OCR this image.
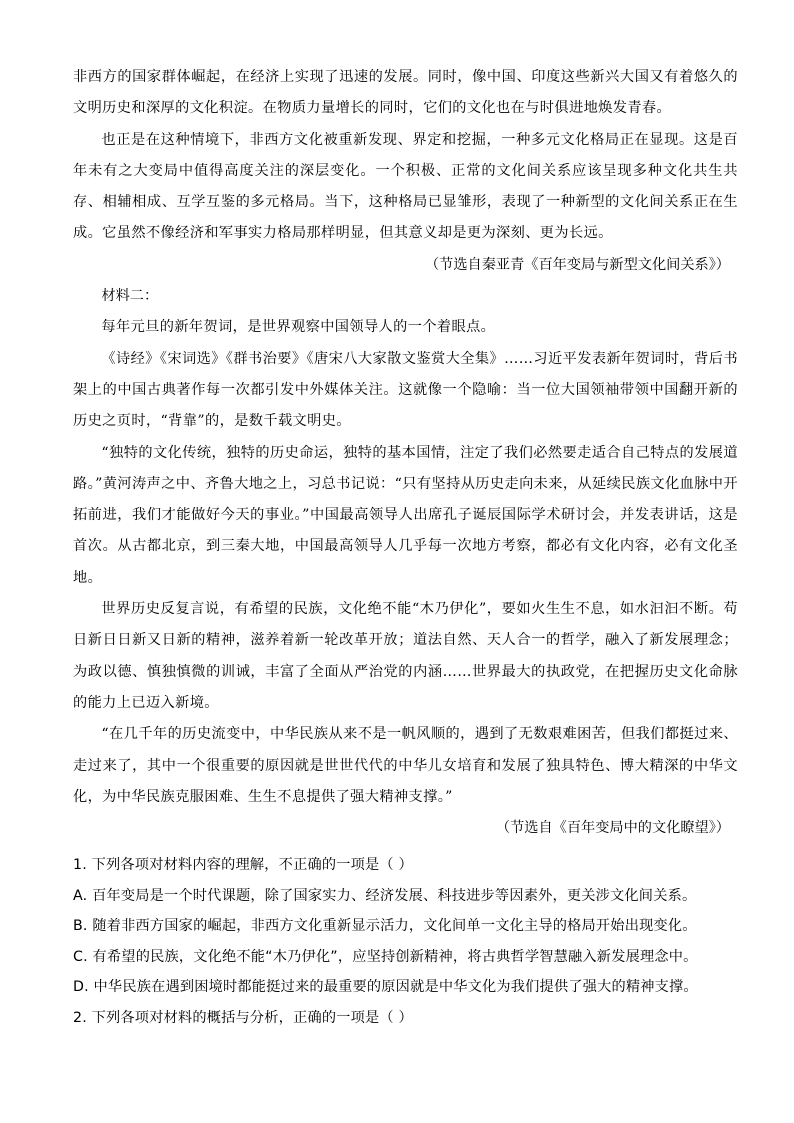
非西方的国家群体崛起，在经济上实现了迅速的发展。同时，像中国、印度这些新兴大国又有着悠久的文明历史和深厚的文化积淀。在物质力量增长的同时，它们的文化也在与时俱进地焕发青春。

也正是在这种情境下，非西方文化被重新发现、界定和挖掘，一种多元文化格局正在显现。这是百年未有之大变局中值得高度关注的深层变化。一个积极、正常的文化间关系应该呈现多种文化共生共存、相辅相成、互学互鉴的多元格局。当下，这种格局已显雏形，表现了一种新型的文化间关系正在生成。它虽然不像经济和军事实力格局那样明显，但其意义却是更为深刻、更为长远。

（节选自秦亚青《百年变局与新型文化间关系》）

材料二：

每年元旦的新年贺词，是世界观察中国领导人的一个着眼点。

《诗经》《宋词选》《群书治要》《唐宋八大家散文鉴赏大全集》……习近平发表新年贺词时，背后书架上的中国古典著作每一次都引发中外媒体关注。这就像一个隐喻：当一位大国领袖带领中国翻开新的历史之页时，“背靠”的，是数千载文明史。

“独特的文化传统，独特的历史命运，独特的基本国情，注定了我们必然要走适合自己特点的发展道路。”黄河涛声之中、齐鲁大地之上，习总书记说：“只有坚持从历史走向未来，从延续民族文化血脉中开拓前进，我们才能做好今天的事业。”中国最高领导人出席孔子诞辰国际学术研讨会，并发表讲话，这是首次。从古都北京，到三秦大地，中国最高领导人几乎每一次地方考察，都必有文化内容，必有文化圣地。

世界历史反复言说，有希望的民族，文化绝不能“木乃伊化”，要如火生生不息，如水汩汩不断。苟日新日日新又日新的精神，滋养着新一轮改革开放；道法自然、天人合一的哲学，融入了新发展理念；为政以德、慎独慎微的训诫，丰富了全面从严治党的内涵……世界最大的执政党，在把握历史文化命脉的能力上已迈入新境。

“在几千年的历史流变中，中华民族从来不是一帆风顺的，遇到了无数艰难困苦，但我们都挺过来、走过来了，其中一个很重要的原因就是世世代代的中华儿女培育和发展了独具特色、博大精深的中华文化，为中华民族克服困难、生生不息提供了强大精神支撑。”

（节选自《百年变局中的文化瞭望》）

1. 下列各项对材料内容的理解，不正确的一项是（ ）

A. 百年变局是一个时代课题，除了国家实力、经济发展、科技进步等因素外，更关涉文化间关系。

B. 随着非西方国家的崛起，非西方文化重新显示活力，文化间单一文化主导的格局开始出现变化。

C. 有希望的民族，文化绝不能“木乃伊化”，应坚持创新精神，将古典哲学智慧融入新发展理念中。

D. 中华民族在遇到困境时都能挺过来的最重要的原因就是中华文化为我们提供了强大的精神支撑。

2. 下列各项对材料的概括与分析，正确的一项是（ ）
